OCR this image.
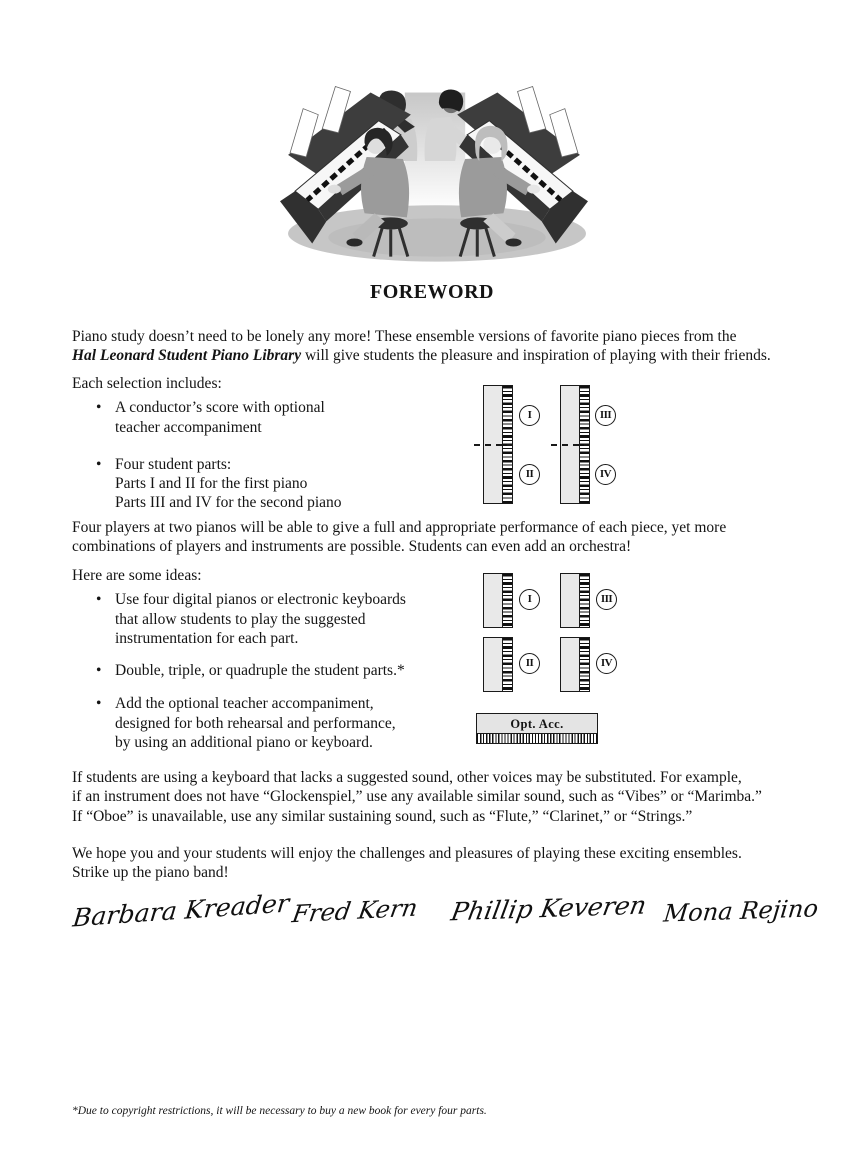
FOREWORD
Piano study doesn’t need to be lonely any more! These ensemble versions of favorite piano pieces from the
Hal Leonard Student Piano Library will give students the pleasure and inspiration of playing with their friends.
Each selection includes:
• A conductor’s score with optional
teacher accompaniment
• Four student parts:
Parts I and II for the first piano
Parts III and IV for the second piano
I
II
III
IV
Four players at two pianos will be able to give a full and appropriate performance of each piece, yet more
combinations of players and instruments are possible. Students can even add an orchestra!
Here are some ideas:
• Use four digital pianos or electronic keyboards
that allow students to play the suggested
instrumentation for each part.
• Double, triple, or quadruple the student parts.*
• Add the optional teacher accompaniment,
designed for both rehearsal and performance,
by using an additional piano or keyboard.
I	III
II	IV
Opt. Acc.
If students are using a keyboard that lacks a suggested sound, other voices may be substituted. For example,
if an instrument does not have “Glockenspiel,” use any available similar sound, such as “Vibes” or “Marimba.”
If “Oboe” is unavailable, use any similar sustaining sound, such as “Flute,” “Clarinet,” or “Strings.”
We hope you and your students will enjoy the challenges and pleasures of playing these exciting ensembles.
Strike up the piano band!
Barbara Kreader Fred Kern Phillip Keveren Mona Rejino
*Due to copyright restrictions, it will be necessary to buy a new book for every four parts.
